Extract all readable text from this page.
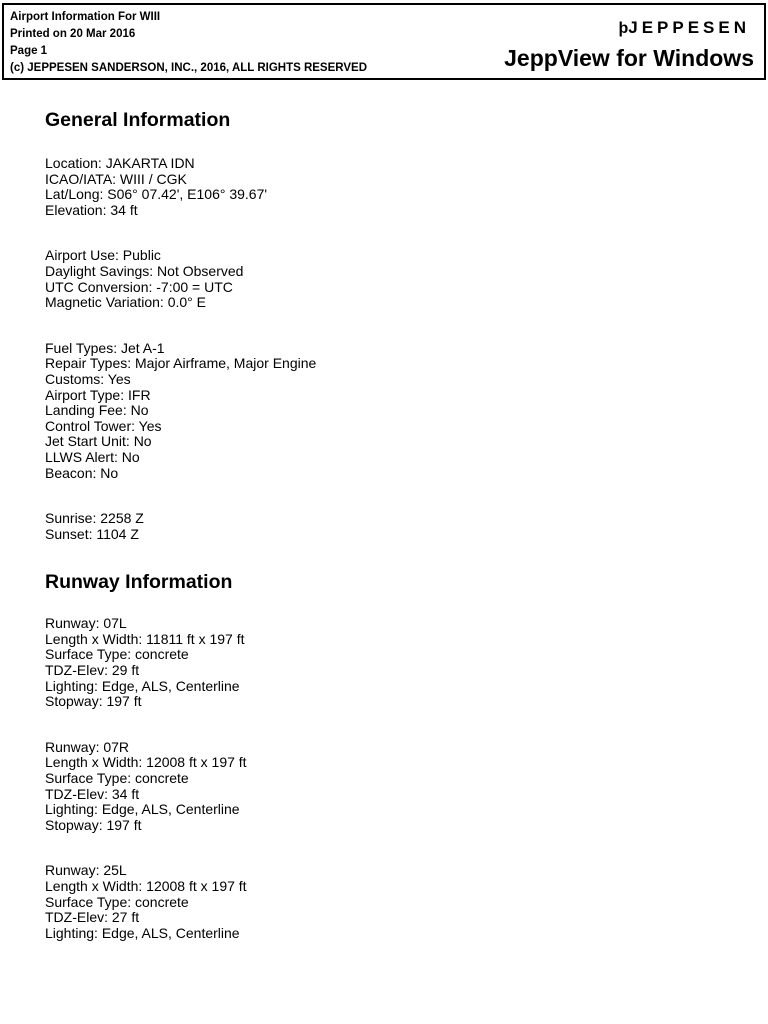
Airport Information For WIII
Printed on 20 Mar 2016
Page 1
(c) JEPPESEN SANDERSON, INC., 2016, ALL RIGHTS RESERVED
þJEPPESEN
JeppView for Windows
General Information
Location: JAKARTA IDN
ICAO/IATA: WIII / CGK
Lat/Long: S06° 07.42', E106° 39.67'
Elevation: 34 ft
Airport Use: Public
Daylight Savings: Not Observed
UTC Conversion: -7:00 = UTC
Magnetic Variation: 0.0° E
Fuel Types: Jet A-1
Repair Types: Major Airframe, Major Engine
Customs: Yes
Airport Type: IFR
Landing Fee: No
Control Tower: Yes
Jet Start Unit: No
LLWS Alert: No
Beacon: No
Sunrise: 2258 Z
Sunset: 1104 Z
Runway Information
Runway: 07L
Length x Width: 11811 ft x 197 ft
Surface Type: concrete
TDZ-Elev: 29 ft
Lighting: Edge, ALS, Centerline
Stopway: 197 ft
Runway: 07R
Length x Width: 12008 ft x 197 ft
Surface Type: concrete
TDZ-Elev: 34 ft
Lighting: Edge, ALS, Centerline
Stopway: 197 ft
Runway: 25L
Length x Width: 12008 ft x 197 ft
Surface Type: concrete
TDZ-Elev: 27 ft
Lighting: Edge, ALS, Centerline
